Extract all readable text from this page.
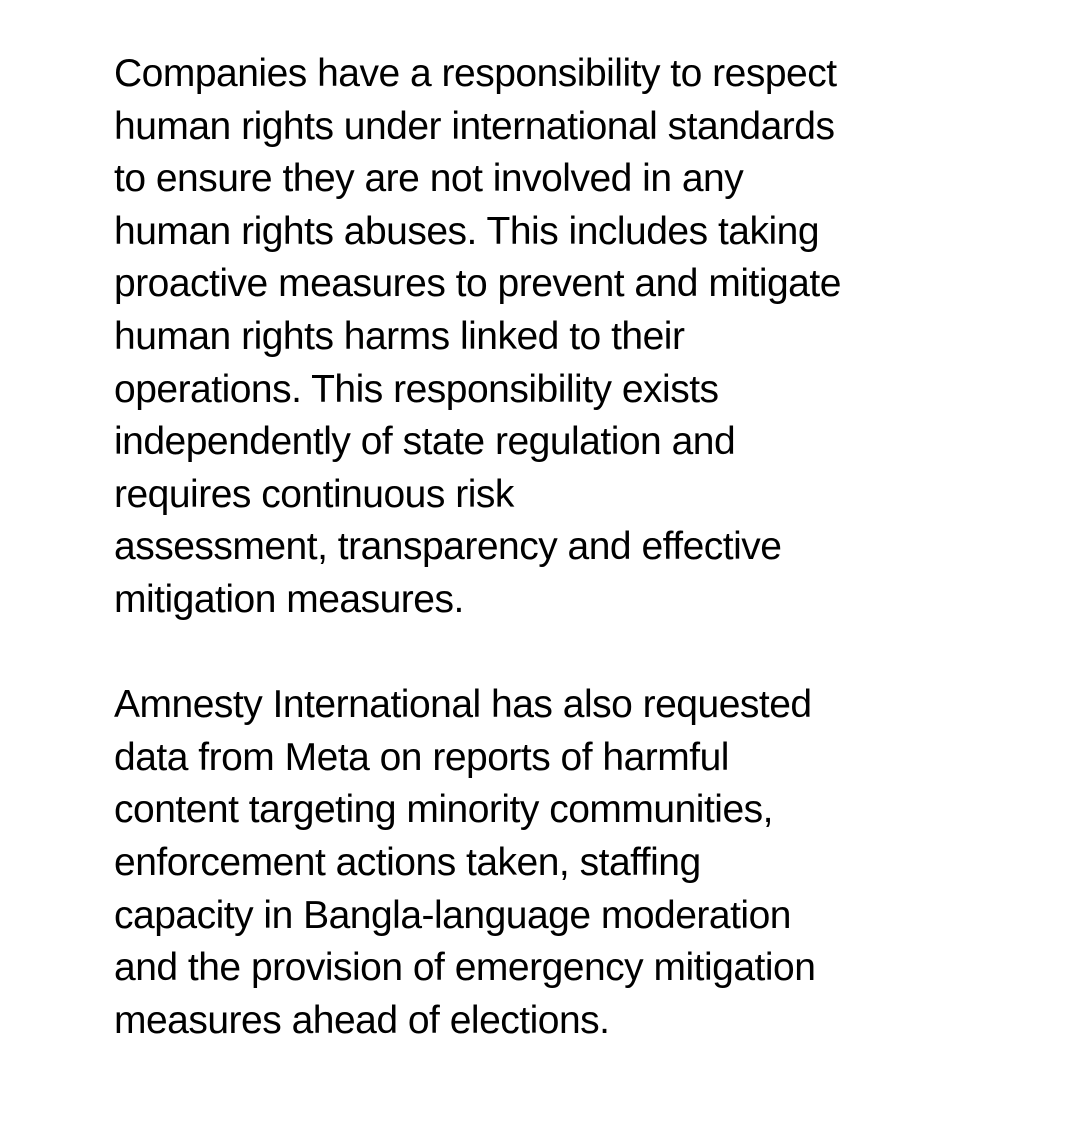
Companies have a responsibility to respect
human rights under international standards
to ensure they are not involved in any
human rights abuses. This includes taking
proactive measures to prevent and mitigate
human rights harms linked to their
operations. This responsibility exists
independently of state regulation and
requires continuous risk
assessment, transparency and effective
mitigation measures.

Amnesty International has also requested
data from Meta on reports of harmful
content targeting minority communities,
enforcement actions taken, staffing
capacity in Bangla-language moderation
and the provision of emergency mitigation
measures ahead of elections.
